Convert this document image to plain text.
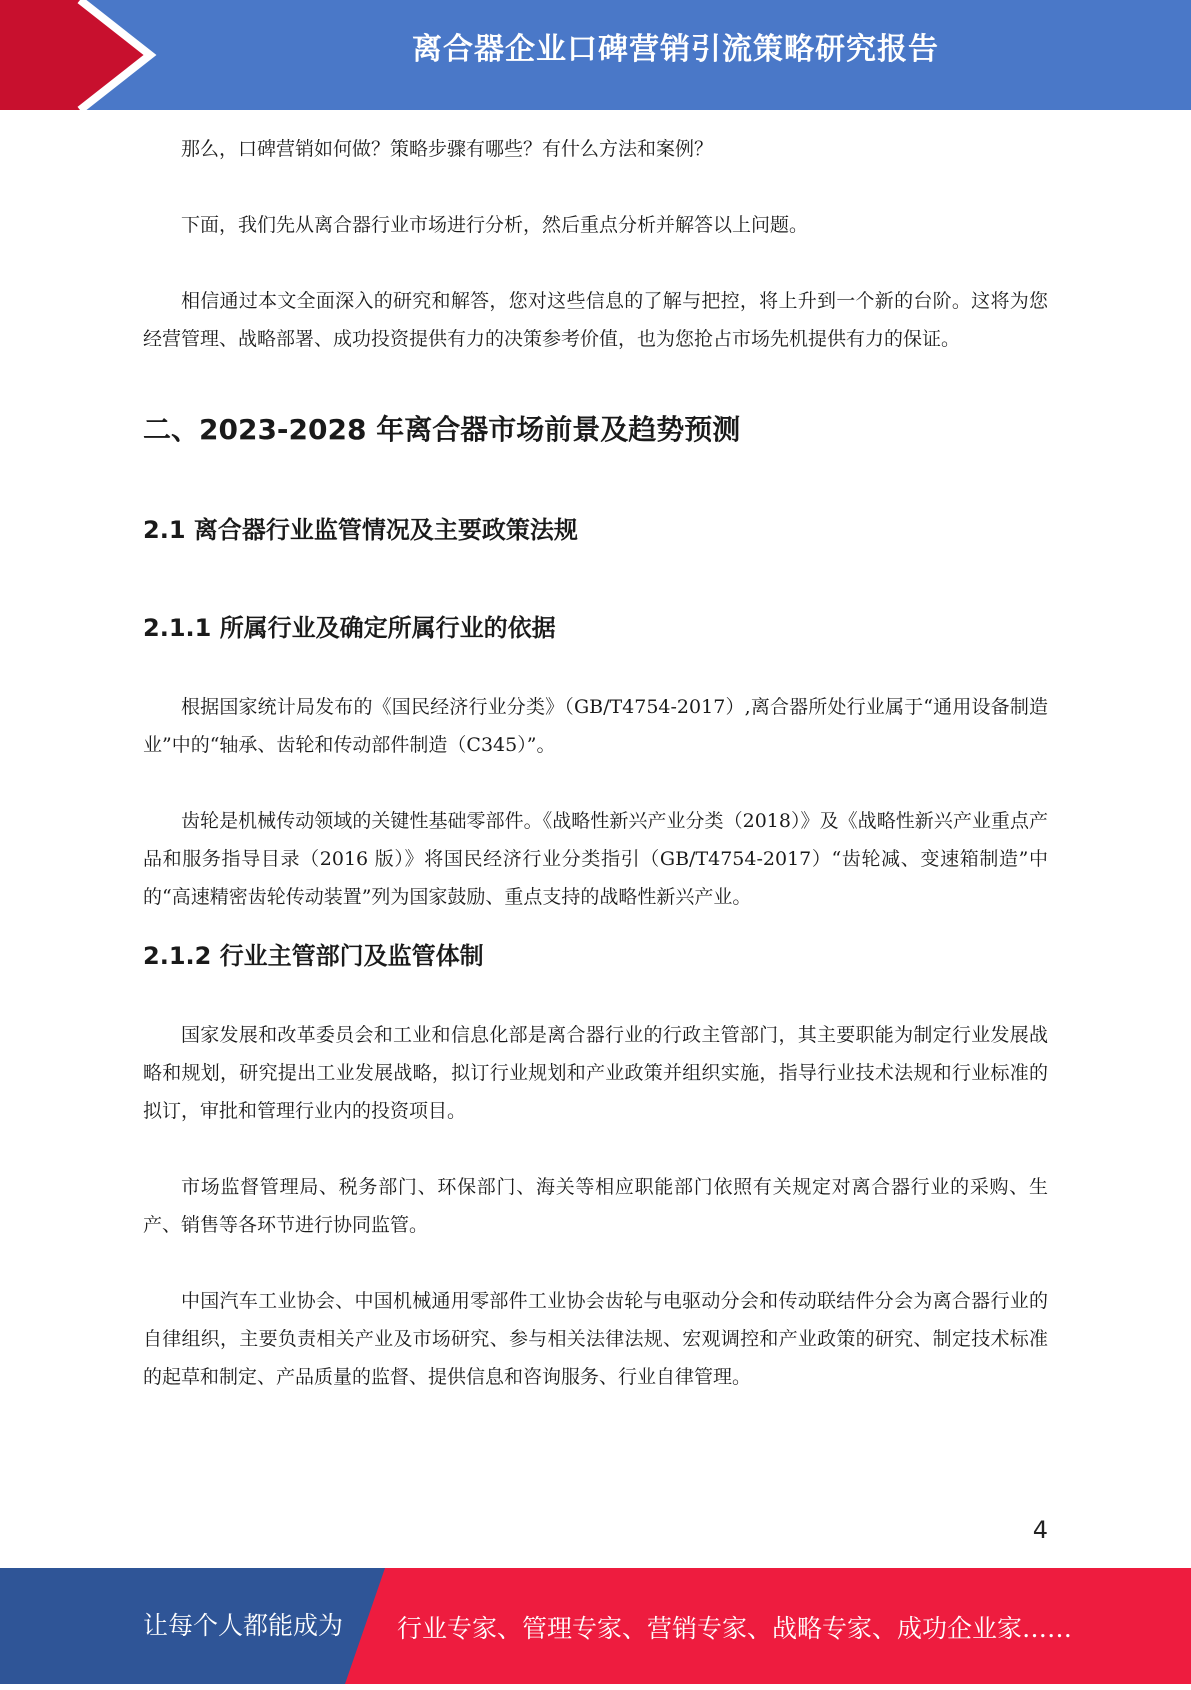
离合器企业口碑营销引流策略研究报告

那么，口碑营销如何做？策略步骤有哪些？有什么方法和案例？

下面，我们先从离合器行业市场进行分析，然后重点分析并解答以上问题。

相信通过本文全面深入的研究和解答，您对这些信息的了解与把控，将上升到一个新的台阶。这将为您经营管理、战略部署、成功投资提供有力的决策参考价值，也为您抢占市场先机提供有力的保证。

二、2023-2028 年离合器市场前景及趋势预测
2.1 离合器行业监管情况及主要政策法规
2.1.1 所属行业及确定所属行业的依据

根据国家统计局发布的《国民经济行业分类》（GB/T4754-2017）,离合器所处行业属于“通用设备制造业”中的“轴承、齿轮和传动部件制造（C345）”。

齿轮是机械传动领域的关键性基础零部件。《战略性新兴产业分类（2018）》及《战略性新兴产业重点产品和服务指导目录（2016 版）》将国民经济行业分类指引（GB/T4754-2017）“齿轮减、变速箱制造”中的“高速精密齿轮传动装置”列为国家鼓励、重点支持的战略性新兴产业。

2.1.2 行业主管部门及监管体制

国家发展和改革委员会和工业和信息化部是离合器行业的行政主管部门，其主要职能为制定行业发展战略和规划，研究提出工业发展战略，拟订行业规划和产业政策并组织实施，指导行业技术法规和行业标准的拟订，审批和管理行业内的投资项目。

市场监督管理局、税务部门、环保部门、海关等相应职能部门依照有关规定对离合器行业的采购、生产、销售等各环节进行协同监管。

中国汽车工业协会、中国机械通用零部件工业协会齿轮与电驱动分会和传动联结件分会为离合器行业的自律组织，主要负责相关产业及市场研究、参与相关法律法规、宏观调控和产业政策的研究、制定技术标准的起草和制定、产品质量的监督、提供信息和咨询服务、行业自律管理。

4
让每个人都能成为 行业专家、管理专家、营销专家、战略专家、成功企业家……
